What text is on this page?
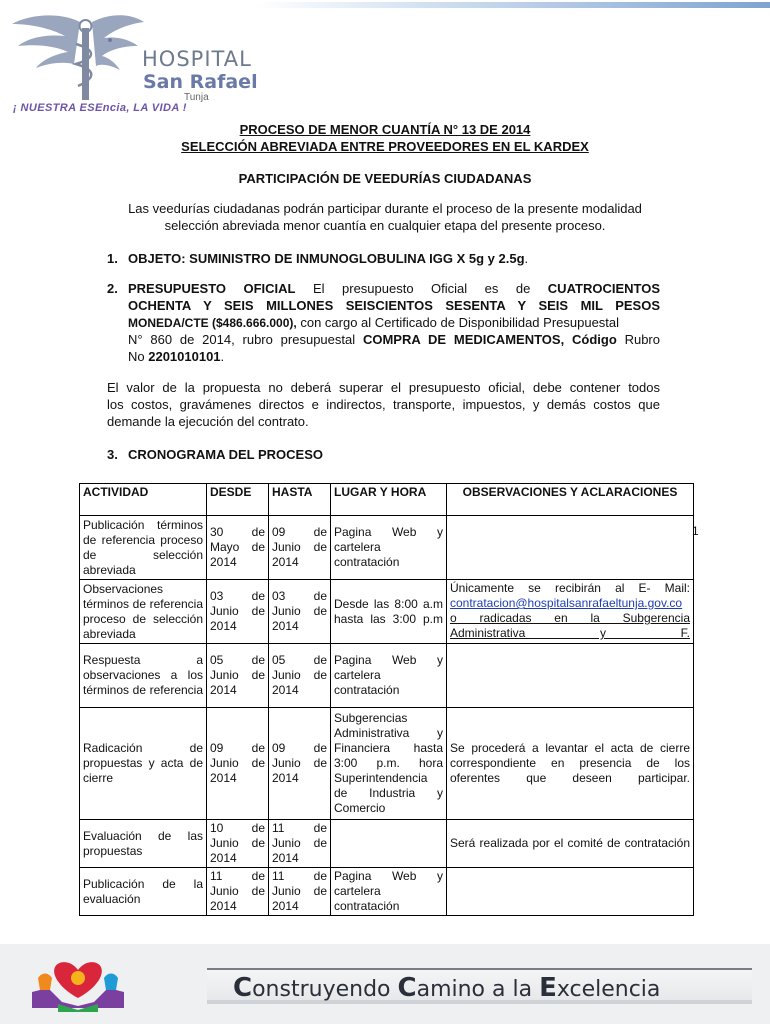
HOSPITAL
San Rafael
Tunja
¡ NUESTRA ESEncia, LA VIDA !
PROCESO DE MENOR CUANTÍA N° 13 DE 2014
SELECCIÓN ABREVIADA ENTRE PROVEEDORES EN EL KARDEX
PARTICIPACIÓN DE VEEDURÍAS CIUDADANAS
Las veedurías ciudadanas podrán participar durante el proceso de la presente modalidad
selección abreviada menor cuantía en cualquier etapa del presente proceso.
1. OBJETO: SUMINISTRO DE INMUNOGLOBULINA IGG X 5g y 2.5g.
2. PRESUPUESTO OFICIAL El presupuesto Oficial es de CUATROCIENTOS
OCHENTA Y SEIS MILLONES SEISCIENTOS SESENTA Y SEIS MIL PESOS
MONEDA/CTE ($486.666.000), con cargo al Certificado de Disponibilidad Presupuestal
N° 860 de 2014, rubro presupuestal COMPRA DE MEDICAMENTOS, Código Rubro
No 2201010101.
El valor de la propuesta no deberá superar el presupuesto oficial, debe contener todos
los costos, gravámenes directos e indirectos, transporte, impuestos, y demás costos que
demande la ejecución del contrato.
3. CRONOGRAMA DEL PROCESO
1
ACTIVIDAD	DESDE	HASTA	LUGAR Y HORA	OBSERVACIONES Y ACLARACIONES
Publicación términos de referencia proceso de selección abreviada	30 de Mayo de 2014	09 de Junio de 2014	Pagina Web y cartelera contratación	
Observaciones términos de referencia proceso de selección abreviada	03 de Junio de 2014	03 de Junio de 2014	Desde las 8:00 a.m hasta las 3:00 p.m	Únicamente se recibirán al E- Mail: contratacion@hospitalsanrafaeltunja.gov.co o radicadas en la Subgerencia Administrativa y F.
Respuesta a observaciones a los términos de referencia	05 de Junio de 2014	05 de Junio de 2014	Pagina Web y cartelera contratación	
Radicación de propuestas y acta de cierre	09 de Junio de 2014	09 de Junio de 2014	Subgerencias Administrativa y Financiera hasta 3:00 p.m. hora Superintendencia de Industria y Comercio	Se procederá a levantar el acta de cierre correspondiente en presencia de los oferentes que deseen participar.
Evaluación de las propuestas	10 de Junio de 2014	11 de Junio de 2014		Será realizada por el comité de contratación
Publicación de la evaluación	11 de Junio de 2014	11 de Junio de 2014	Pagina Web y cartelera contratación	
Construyendo Camino a la Excelencia
